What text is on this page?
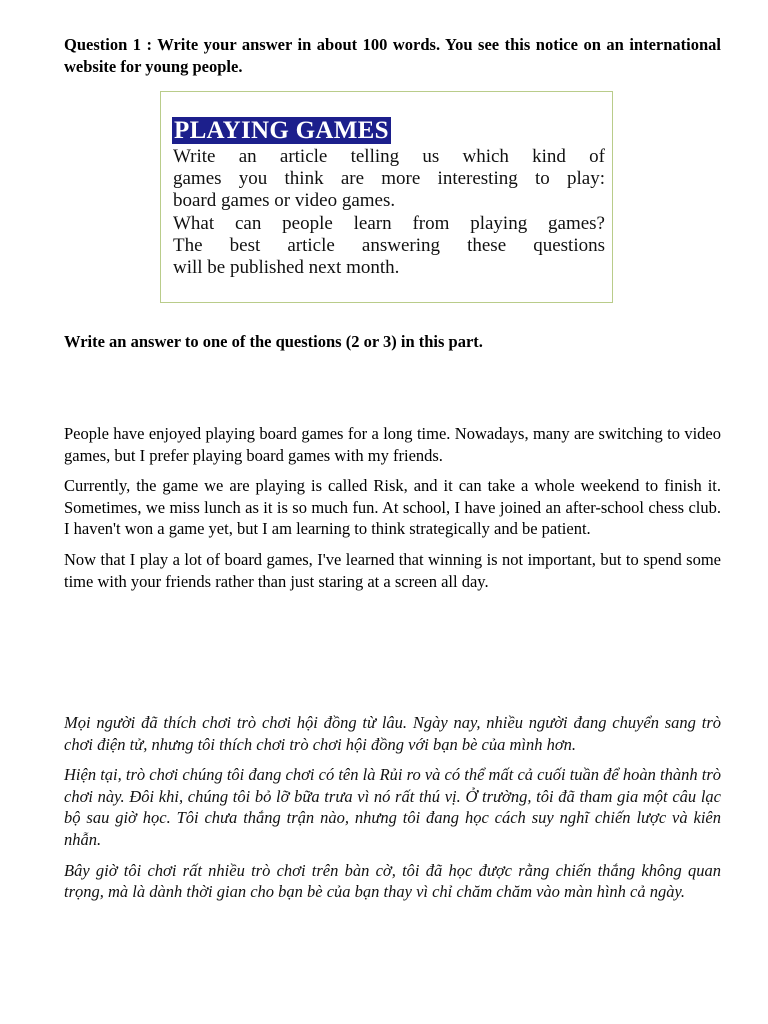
Question 1 : Write your answer in about 100 words. You see this notice on an international website for young people.

PLAYING GAMES
Write an article telling us which kind of
games you think are more interesting to play:
board games or video games.
What can people learn from playing games?
The best article answering these questions
will be published next month.

Write an answer to one of the questions (2 or 3) in this part.

People have enjoyed playing board games for a long time. Nowadays, many are switching to video games, but I prefer playing board games with my friends.

Currently, the game we are playing is called Risk, and it can take a whole weekend to finish it. Sometimes, we miss lunch as it is so much fun. At school, I have joined an after-school chess club. I haven't won a game yet, but I am learning to think strategically and be patient.

Now that I play a lot of board games, I've learned that winning is not important, but to spend some time with your friends rather than just staring at a screen all day.

Mọi người đã thích chơi trò chơi hội đồng từ lâu. Ngày nay, nhiều người đang chuyển sang trò chơi điện tử, nhưng tôi thích chơi trò chơi hội đồng với bạn bè của mình hơn.

Hiện tại, trò chơi chúng tôi đang chơi có tên là Rủi ro và có thể mất cả cuối tuần để hoàn thành trò chơi này. Đôi khi, chúng tôi bỏ lỡ bữa trưa vì nó rất thú vị. Ở trường, tôi đã tham gia một câu lạc bộ sau giờ học. Tôi chưa thắng trận nào, nhưng tôi đang học cách suy nghĩ chiến lược và kiên nhẫn.

Bây giờ tôi chơi rất nhiều trò chơi trên bàn cờ, tôi đã học được rằng chiến thắng không quan trọng, mà là dành thời gian cho bạn bè của bạn thay vì chỉ chăm chăm vào màn hình cả ngày.
